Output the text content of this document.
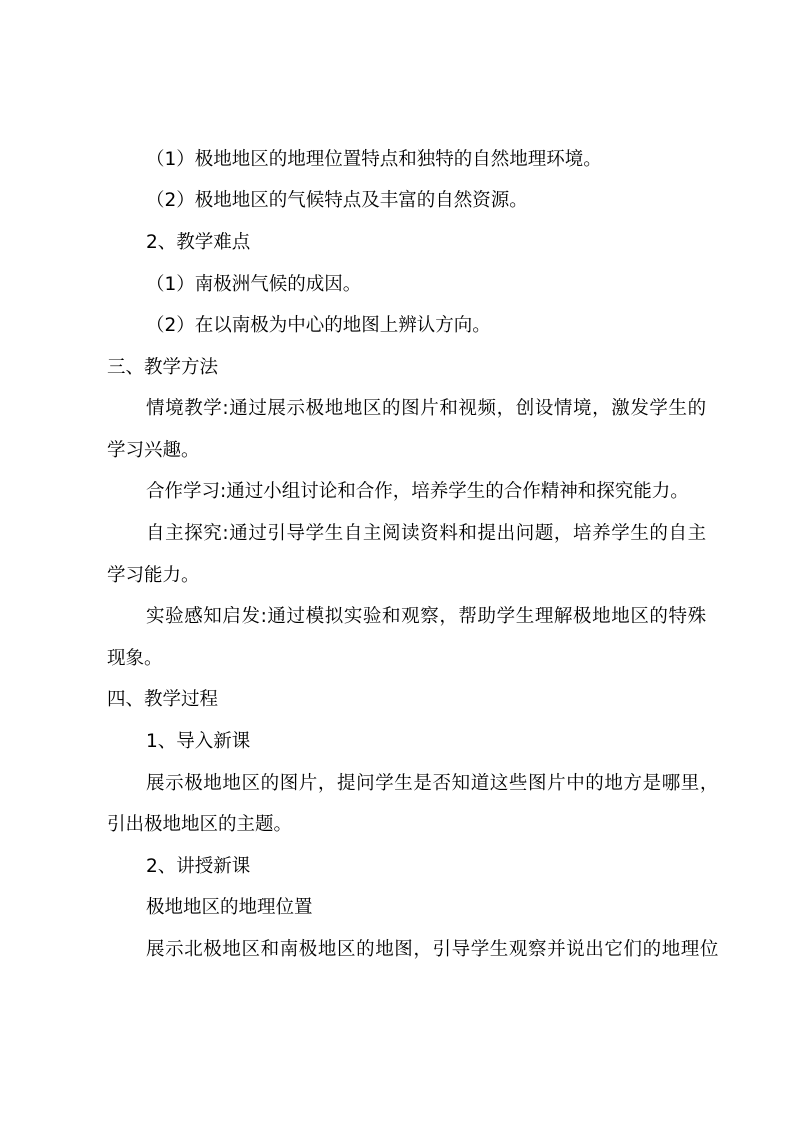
（1）极地地区的地理位置特点和独特的自然地理环境。
（2）极地地区的气候特点及丰富的自然资源。
2、教学难点
（1）南极洲气候的成因。
（2）在以南极为中心的地图上辨认方向。
三、教学方法
情境教学:通过展示极地地区的图片和视频，创设情境，激发学生的
学习兴趣。
合作学习:通过小组讨论和合作，培养学生的合作精神和探究能力。
自主探究:通过引导学生自主阅读资料和提出问题，培养学生的自主
学习能力。
实验感知启发:通过模拟实验和观察，帮助学生理解极地地区的特殊
现象。
四、教学过程
1、导入新课
展示极地地区的图片，提问学生是否知道这些图片中的地方是哪里，
引出极地地区的主题。
2、讲授新课
极地地区的地理位置
展示北极地区和南极地区的地图，引导学生观察并说出它们的地理位
